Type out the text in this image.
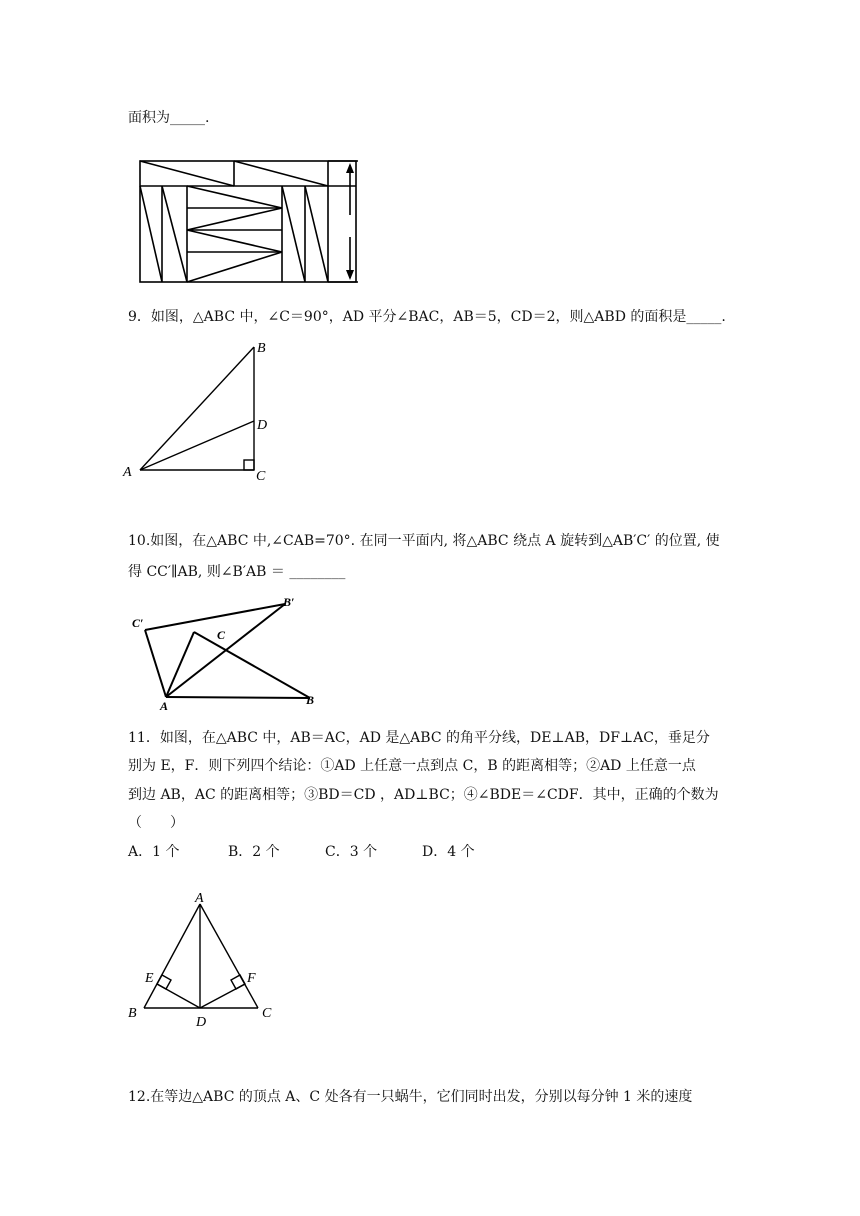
面积为_____.
9．如图，△ABC 中，∠C＝90°，AD 平分∠BAC，AB＝5，CD＝2，则△ABD 的面积是_____.
B
D
A	C
10.如图，在△ABC 中,∠CAB=70°. 在同一平面内, 将△ABC 绕点 A 旋转到△AB′C′ 的位置, 使
得 CC′∥AB, 则∠B′AB ＝ ________
C′
B′
C
A	B
11．如图，在△ABC 中，AB＝AC，AD 是△ABC 的角平分线，DE⊥AB，DF⊥AC，垂足分
别为 E，F．则下列四个结论：①AD 上任意一点到点 C，B 的距离相等；②AD 上任意一点
到边 AB，AC 的距离相等；③BD＝CD ，AD⊥BC；④∠BDE＝∠CDF．其中，正确的个数为
（　　）
A．1 个	B．2 个	C．3 个	D．4 个
A
E	F
B
D
C
12.在等边△ABC 的顶点 A、C 处各有一只蜗牛，它们同时出发，分别以每分钟 1 米的速度
